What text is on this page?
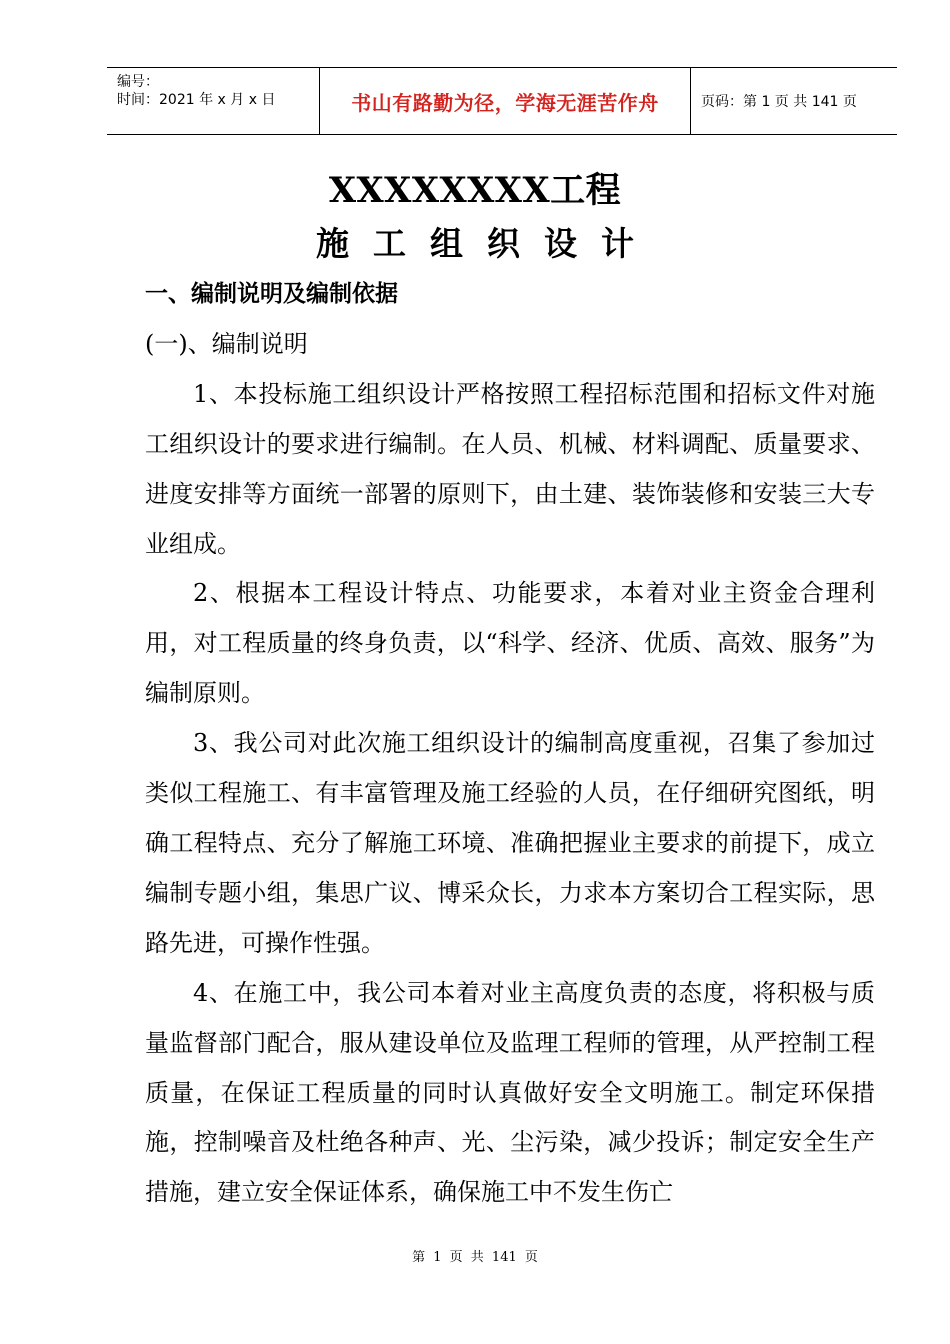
编号：
时间：2021 年 x 月 x 日	书山有路勤为径，学海无涯苦作舟	页码：第 1 页 共 141 页
XXXXXXXX工程
施工组织设计

一、编制说明及编制依据

(一)、编制说明

1、本投标施工组织设计严格按照工程招标范围和招标文件对施工组织设计的要求进行编制。在人员、机械、材料调配、质量要求、进度安排等方面统一部署的原则下，由土建、装饰装修和安装三大专业组成。

2、根据本工程设计特点、功能要求，本着对业主资金合理利用，对工程质量的终身负责，以“科学、经济、优质、高效、服务”为编制原则。

3、我公司对此次施工组织设计的编制高度重视，召集了参加过类似工程施工、有丰富管理及施工经验的人员，在仔细研究图纸，明确工程特点、充分了解施工环境、准确把握业主要求的前提下，成立编制专题小组，集思广议、博采众长，力求本方案切合工程实际，思路先进，可操作性强。

4、在施工中，我公司本着对业主高度负责的态度，将积极与质量监督部门配合，服从建设单位及监理工程师的管理，从严控制工程质量，在保证工程质量的同时认真做好安全文明施工。制定环保措施，控制噪音及杜绝各种声、光、尘污染，减少投诉；制定安全生产措施，建立安全保证体系，确保施工中不发生伤亡

第 1 页 共 141 页
